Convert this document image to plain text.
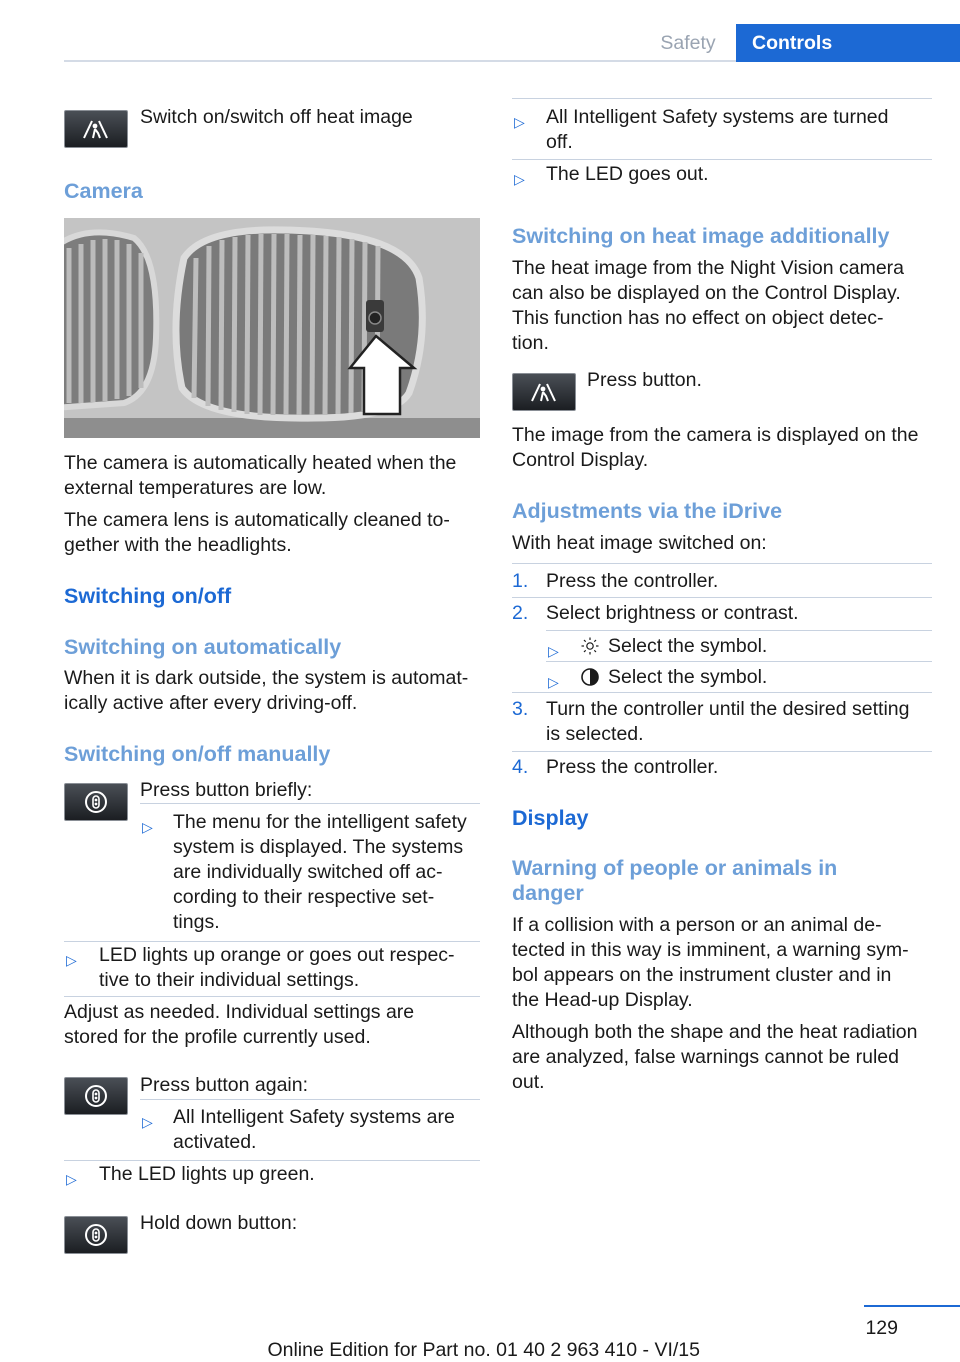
Safety	Controls
Switch on/switch off heat image
Camera
The camera is automatically heated when the
external temperatures are low.
The camera lens is automatically cleaned to‐
gether with the headlights.
Switching on/off
Switching on automatically
When it is dark outside, the system is automat‐
ically active after every driving-off.
Switching on/off manually
Press button briefly:
▷ The menu for the intelligent safety
system is displayed. The systems
are individually switched off ac‐
cording to their respective set‐
tings.
▷ LED lights up orange or goes out respec‐
tive to their individual settings.
Adjust as needed. Individual settings are
stored for the profile currently used.
Press button again:
▷ All Intelligent Safety systems are
activated.
▷ The LED lights up green.
Hold down button:
▷ All Intelligent Safety systems are turned
off.
▷ The LED goes out.
Switching on heat image additionally
The heat image from the Night Vision camera
can also be displayed on the Control Display.
This function has no effect on object detec‐
tion.
Press button.
The image from the camera is displayed on the
Control Display.
Adjustments via the iDrive
With heat image switched on:
1. Press the controller.
2. Select brightness or contrast.
▷	Select the symbol.
▷	Select the symbol.
3. Turn the controller until the desired setting
is selected.
4. Press the controller.
Display
Warning of people or animals in
danger
If a collision with a person or an animal de‐
tected in this way is imminent, a warning sym‐
bol appears on the instrument cluster and in
the Head-up Display.
Although both the shape and the heat radiation
are analyzed, false warnings cannot be ruled
out.
129
Online Edition for Part no. 01 40 2 963 410 - VI/15
